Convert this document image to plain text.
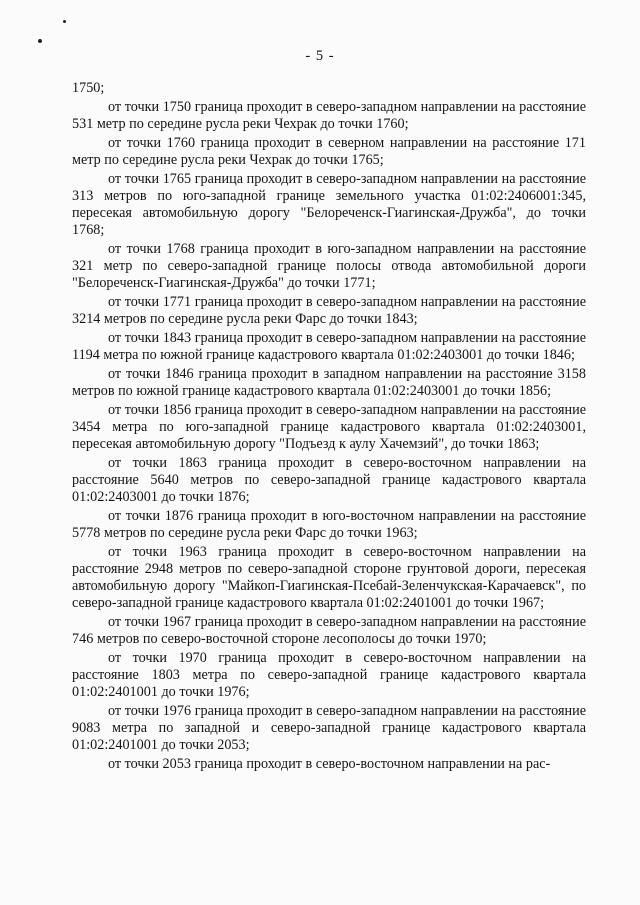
- 5 -

1750;

от точки 1750 граница проходит в северо-западном направлении на расстояние 531 метр по середине русла реки Чехрак до точки 1760;

от точки 1760 граница проходит в северном направлении на расстояние 171 метр по середине русла реки Чехрак до точки 1765;

от точки 1765 граница проходит в северо-западном направлении на расстояние 313 метров по юго-западной границе земельного участка 01:02:2406001:345, пересекая автомобильную дорогу "Белореченск-Гиагинская-Дружба", до точки 1768;

от точки 1768 граница проходит в юго-западном направлении на расстояние 321 метр по северо-западной границе полосы отвода автомобильной дороги "Белореченск-Гиагинская-Дружба" до точки 1771;

от точки 1771 граница проходит в северо-западном направлении на расстояние 3214 метров по середине русла реки Фарс до точки 1843;

от точки 1843 граница проходит в северо-западном направлении на расстояние 1194 метра по южной границе кадастрового квартала 01:02:2403001 до точки 1846;

от точки 1846 граница проходит в западном направлении на расстояние 3158 метров по южной границе кадастрового квартала 01:02:2403001 до точки 1856;

от точки 1856 граница проходит в северо-западном направлении на расстояние 3454 метра по юго-западной границе кадастрового квартала 01:02:2403001, пересекая автомобильную дорогу "Подъезд к аулу Хачемзий", до точки 1863;

от точки 1863 граница проходит в северо-восточном направлении на расстояние 5640 метров по северо-западной границе кадастрового квартала 01:02:2403001 до точки 1876;

от точки 1876 граница проходит в юго-восточном направлении на расстояние 5778 метров по середине русла реки Фарс до точки 1963;

от точки 1963 граница проходит в северо-восточном направлении на расстояние 2948 метров по северо-западной стороне грунтовой дороги, пересекая автомобильную дорогу "Майкоп-Гиагинская-Псебай-Зеленчукская-Карачаевск", по северо-западной границе кадастрового квартала 01:02:2401001 до точки 1967;

от точки 1967 граница проходит в северо-западном направлении на расстояние 746 метров по северо-восточной стороне лесополосы до точки 1970;

от точки 1970 граница проходит в северо-восточном направлении на расстояние 1803 метра по северо-западной границе кадастрового квартала 01:02:2401001 до точки 1976;

от точки 1976 граница проходит в северо-западном направлении на расстояние 9083 метра по западной и северо-западной границе кадастрового квартала 01:02:2401001 до точки 2053;

от точки 2053 граница проходит в северо-восточном направлении на рас-
